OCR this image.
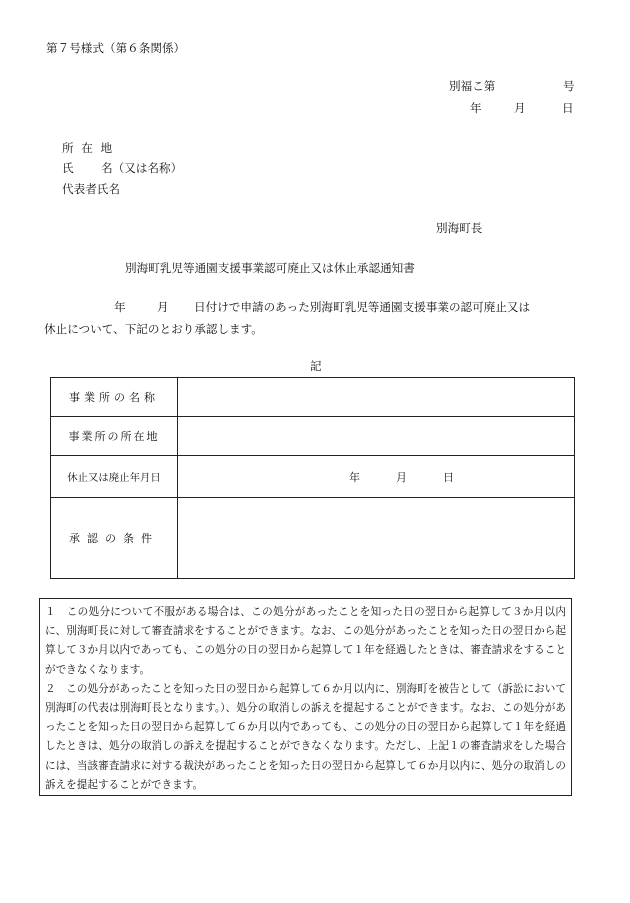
第７号様式（第６条関係）
別福こ第	号
年	月	日
所 在 地
氏 名（又は名称）
代表者氏名
別海町長
別海町乳児等通園支援事業認可廃止又は休止承認通知書
年	月 日付けで申請のあった別海町乳児等通園支援事業の認可廃止又は
休止について、下記のとおり承認します。
記
事業所の名称	
事業所の所在地	
休止又は廃止年月日	年 月 日

承認の条件	

１　この処分について不服がある場合は、この処分があったことを知った日の翌日から起算して３か月以内に、別海町長に対して審査請求をすることができます。なお、この処分があったことを知った日の翌日から起算して３か月以内であっても、この処分の日の翌日から起算して１年を経過したときは、審査請求をすることができなくなります。

２　この処分があったことを知った日の翌日から起算して６か月以内に、別海町を被告として（訴訟において別海町の代表は別海町長となります。）、処分の取消しの訴えを提起することができます。なお、この処分があったことを知った日の翌日から起算して６か月以内であっても、この処分の日の翌日から起算して１年を経過したときは、処分の取消しの訴えを提起することができなくなります。ただし、上記１の審査請求をした場合には、当該審査請求に対する裁決があったことを知った日の翌日から起算して６か月以内に、処分の取消しの訴えを提起することができます。
